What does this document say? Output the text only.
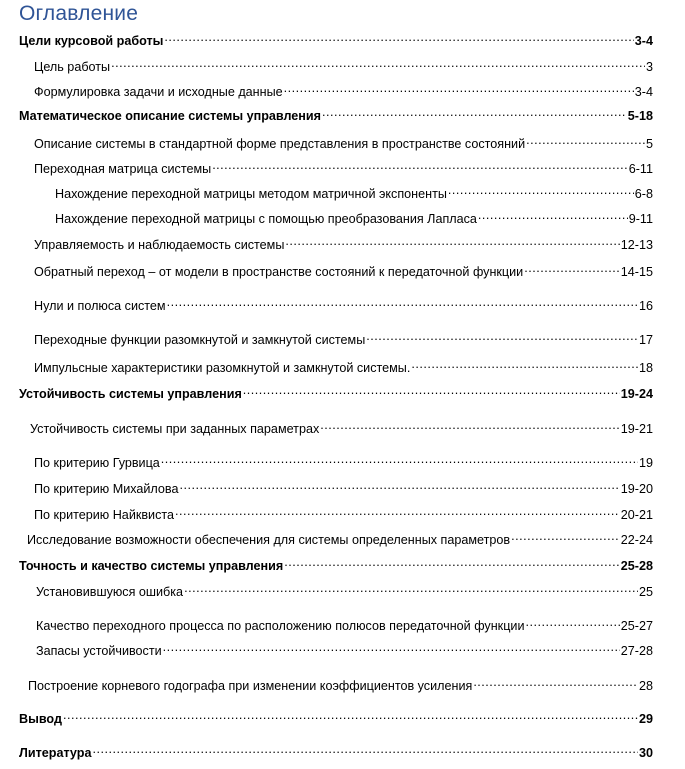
Оглавление
Цели курсовой работы .....	3-4
Цель работы .....	3
Формулировка задачи и исходные данные .....	3-4
Математическое описание системы управления .....	5-18
Описание системы в стандартной форме представления в пространстве состояний .....	5
Переходная матрица системы .....	6-11
Нахождение переходной матрицы методом матричной экспоненты .....	6-8
Нахождение переходной матрицы с помощью преобразования Лапласа .....	9-11
Управляемость и наблюдаемость системы .....	12-13
Обратный переход – от модели в пространстве состояний к передаточной функции .....	14-15
Нули и полюса систем .....	16
Переходные функции разомкнутой и замкнутой системы .....	17
Импульсные характеристики разомкнутой и замкнутой системы. .....	18
Устойчивость системы управления .....	19-24
Устойчивость системы при заданных параметрах .....	19-21
По критерию Гурвица .....	19
По критерию Михайлова .....	19-20
По критерию Найквиста .....	20-21
Исследование возможности обеспечения для системы определенных параметров .....	22-24
Точность и качество системы управления .....	25-28
Установившуюся ошибка .....	25
Качество переходного процесса по расположению полюсов передаточной функции .....	25-27
Запасы устойчивости .....	27-28
Построение корневого годографа при изменении коэффициентов усиления .....	28
Вывод .....	29
Литература .....	30
